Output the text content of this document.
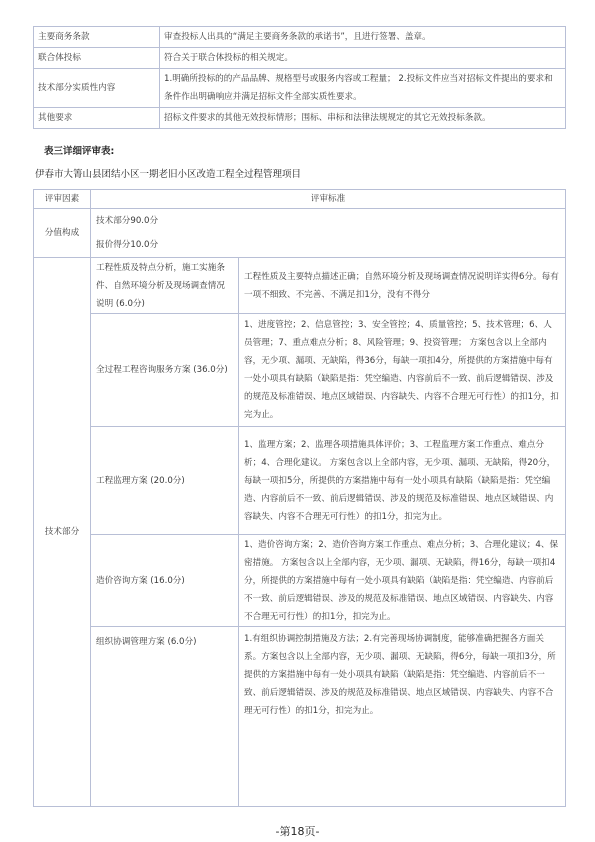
主要商务条款	审查投标人出具的“满足主要商务条款的承诺书”，且进行签署、盖章。
联合体投标	符合关于联合体投标的相关规定。
技术部分实质性内容	1.明确所投标的的产品品牌、规格型号或服务内容或工程量； 2.投标文件应当对招标文件提出的要求和条件作出明确响应并满足招标文件全部实质性要求。
其他要求	招标文件要求的其他无效投标情形；围标、串标和法律法规规定的其它无效投标条款。
表三详细评审表:
伊春市大箐山县团结小区一期老旧小区改造工程全过程管理项目
评审因素	评审标准	
分值构成	技术部分90.0分
报价得分10.0分	

技术部分	工程性质及特点分析，施工实施条件、自然环境分析及现场调查情况说明 (6.0分)	工程性质及主要特点描述正确；自然环境分析及现场调查情况说明详实得6分。每有一项不细致、不完善、不满足扣1分，没有不得分
	全过程工程咨询服务方案 (36.0分)	1、进度管控；2、信息管控；3、安全管控；4、质量管控；5、技术管理；6、人员管理；7、重点难点分析；8、风险管理；9、投资管理； 方案包含以上全部内容，无少项、漏项、无缺陷，得36分，每缺一项扣4分，所提供的方案措施中每有一处小项具有缺陷（缺陷是指：凭空编造、内容前后不一致、前后逻辑错误、涉及的规范及标准错误、地点区域错误、内容缺失、内容不合理无可行性）的扣1分，扣完为止。
	工程监理方案 (20.0分)	1、监理方案；2、监理各项措施具体评价；3、工程监理方案工作重点、难点分析；4、合理化建议。 方案包含以上全部内容，无少项、漏项、无缺陷，得20分，每缺一项扣5分，所提供的方案措施中每有一处小项具有缺陷（缺陷是指：凭空编造、内容前后不一致、前后逻辑错误、涉及的规范及标准错误、地点区域错误、内容缺失、内容不合理无可行性）的扣1分，扣完为止。
	造价咨询方案 (16.0分)	1、造价咨询方案；2、造价咨询方案工作重点、难点分析；3、合理化建议；4、保密措施。 方案包含以上全部内容，无少项、漏项、无缺陷，得16分，每缺一项扣4分，所提供的方案措施中每有一处小项具有缺陷（缺陷是指：凭空编造、内容前后不一致、前后逻辑错误、涉及的规范及标准错误、地点区域错误、内容缺失、内容不合理无可行性）的扣1分，扣完为止。
	组织协调管理方案 (6.0分)	1.有组织协调控制措施及方法；2.有完善现场协调制度，能够准确把握各方面关系。方案包含以上全部内容，无少项、漏项、无缺陷，得6分，每缺一项扣3分，所提供的方案措施中每有一处小项具有缺陷（缺陷是指：凭空编造、内容前后不一致、前后逻辑错误、涉及的规范及标准错误、地点区域错误、内容缺失、内容不合理无可行性）的扣1分，扣完为止。
-第18页-
